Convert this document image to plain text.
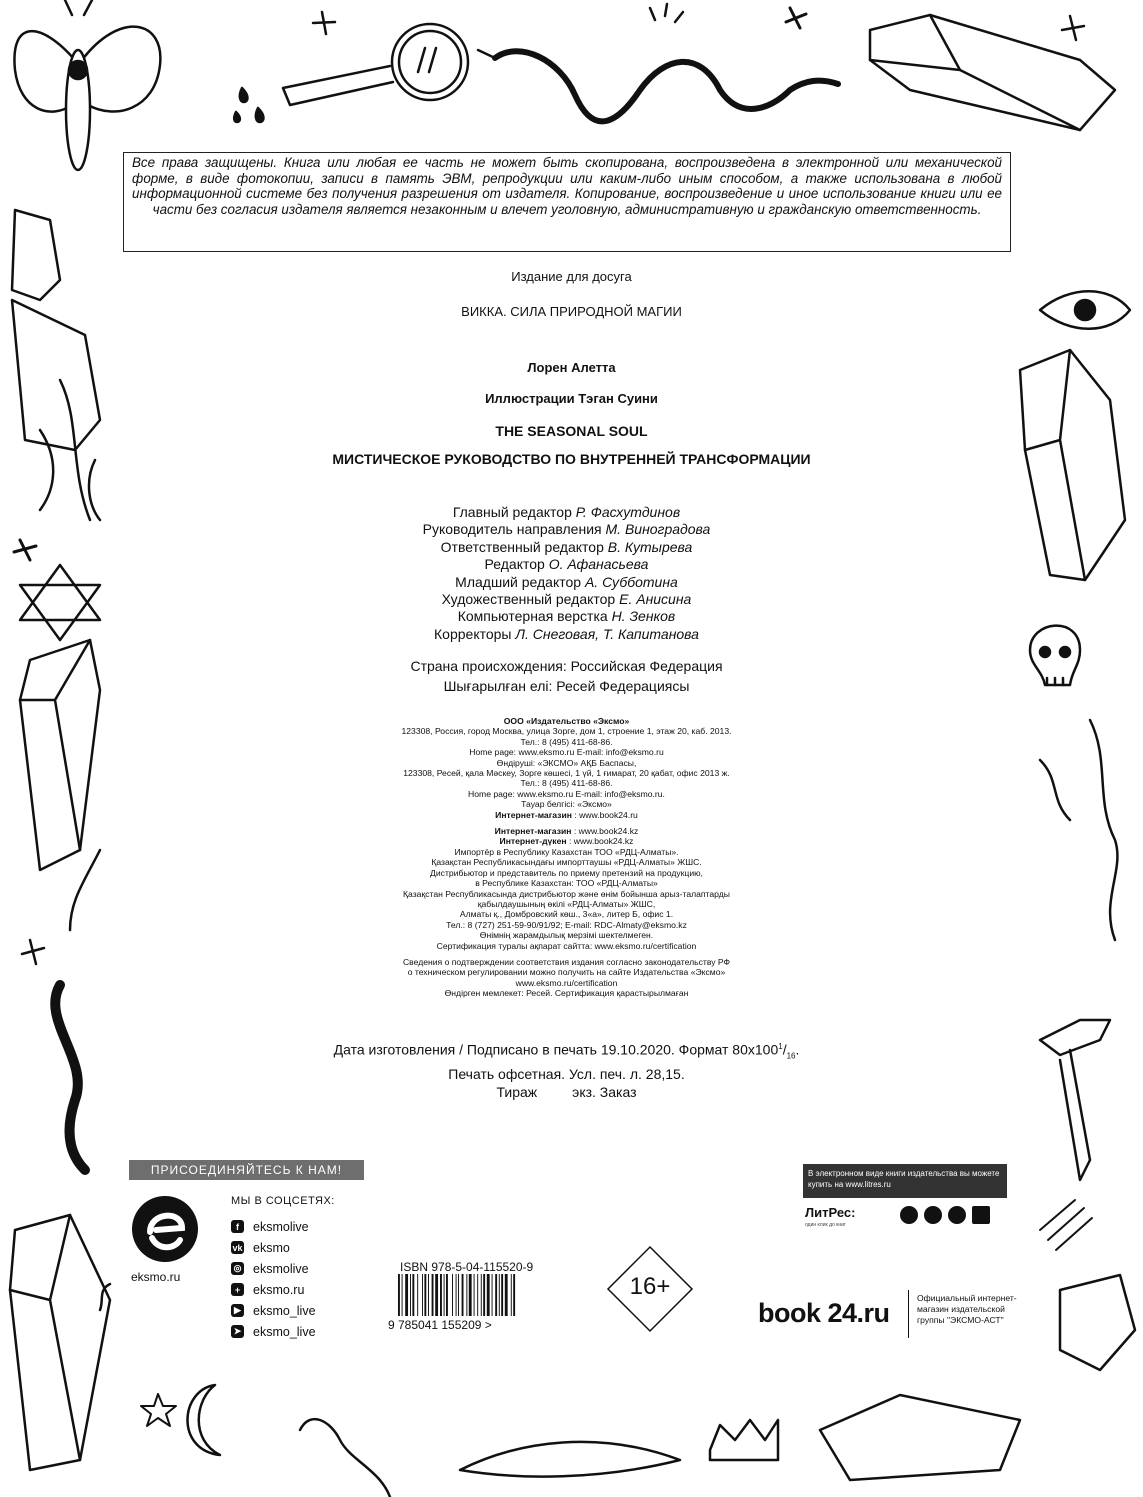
Все права защищены. Книга или любая ее часть не может быть скопирована, воспроизведена в электронной или механической форме, в виде фотокопии, записи в память ЭВМ, репродукции или каким-либо иным способом, а также использована в любой информационной системе без получения разрешения от издателя. Копирование, воспроизведение и иное использование книги или ее части без согласия издателя является незаконным и влечет уголовную, административную и гражданскую ответственность.
Издание для досуга
ВИККА. СИЛА ПРИРОДНОЙ МАГИИ
Лорен Алетта
Иллюстрации Тэган Суини
THE SEASONAL SOUL
МИСТИЧЕСКОЕ РУКОВОДСТВО ПО ВНУТРЕННЕЙ ТРАНСФОРМАЦИИ
Главный редактор Р. Фасхутдинов
Руководитель направления М. Виноградова
Ответственный редактор В. Кутырева
Редактор О. Афанасьева
Младший редактор А. Субботина
Художественный редактор Е. Анисина
Компьютерная верстка Н. Зенков
Корректоры Л. Снеговая, Т. Капитанова
Страна происхождения: Российская Федерация
Шығарылған елі: Ресей Федерациясы
ООО «Издательство «Эксмо»
123308, Россия, город Москва, улица Зорге, дом 1, строение 1, этаж 20, каб. 2013.
Тел.: 8 (495) 411-68-86.
Home page: www.eksmo.ru E-mail: info@eksmo.ru
Өндіруші: «ЭКСМО» АҚБ Баспасы,
123308, Ресей, қала Мәскеу, Зорге көшесі, 1 үй, 1 ғимарат, 20 қабат, офис 2013 ж.
Тел.: 8 (495) 411-68-86.
Home page: www.eksmo.ru E-mail: info@eksmo.ru.
Тауар белгісі: «Эксмо»
Интернет-магазин : www.book24.ru
Интернет-магазин : www.book24.kz
Интернет-дүкен : www.book24.kz
Импортёр в Республику Казахстан ТОО «РДЦ-Алматы».
Қазақстан Республикасындағы импорттаушы «РДЦ-Алматы» ЖШС.
Дистрибьютор и представитель по приему претензий на продукцию,
в Республике Казахстан: ТОО «РДЦ-Алматы»
Қазақстан Республикасында дистрибьютор және өнім бойынша арыз-талаптарды
қабылдаушының өкілі «РДЦ-Алматы» ЖШС,
Алматы қ., Домбровский көш., 3«а», литер Б, офис 1.
Тел.: 8 (727) 251-59-90/91/92; E-mail: RDC-Almaty@eksmo.kz
Өнімнің жарамдылық мерзімі шектелмеген.
Сертификация туралы ақпарат сайтта: www.eksmo.ru/certification
Сведения о подтверждении соответствия издания согласно законодательству РФ
о техническом регулировании можно получить на сайте Издательства «Эксмо»
www.eksmo.ru/certification
Өндірген мемлекет: Ресей. Сертификация қарастырылмаған
Дата изготовления / Подписано в печать 19.10.2020. Формат $80х100^1/_{16}$.
Печать офсетная. Усл. печ. л. 28,15.
Тираж         экз. Заказ
ПРИСОЕДИНЯЙТЕСЬ К НАМ!
eksmo.ru
МЫ В СОЦСЕТЯХ:
f	eksmolive
vk eksmo
◎ eksmolive
+	eksmo.ru
▶ eksmo_live
➤ eksmo_live
ISBN 978-5-04-115520-9
9 785041 155209 >
16+
В электронном виде книги издательства вы можете купить на www.litres.ru
ЛитРес:
один клик до книг
book 24.ru	Официальный интернет-магазин издательской группы "ЭКСМО-АСТ"
